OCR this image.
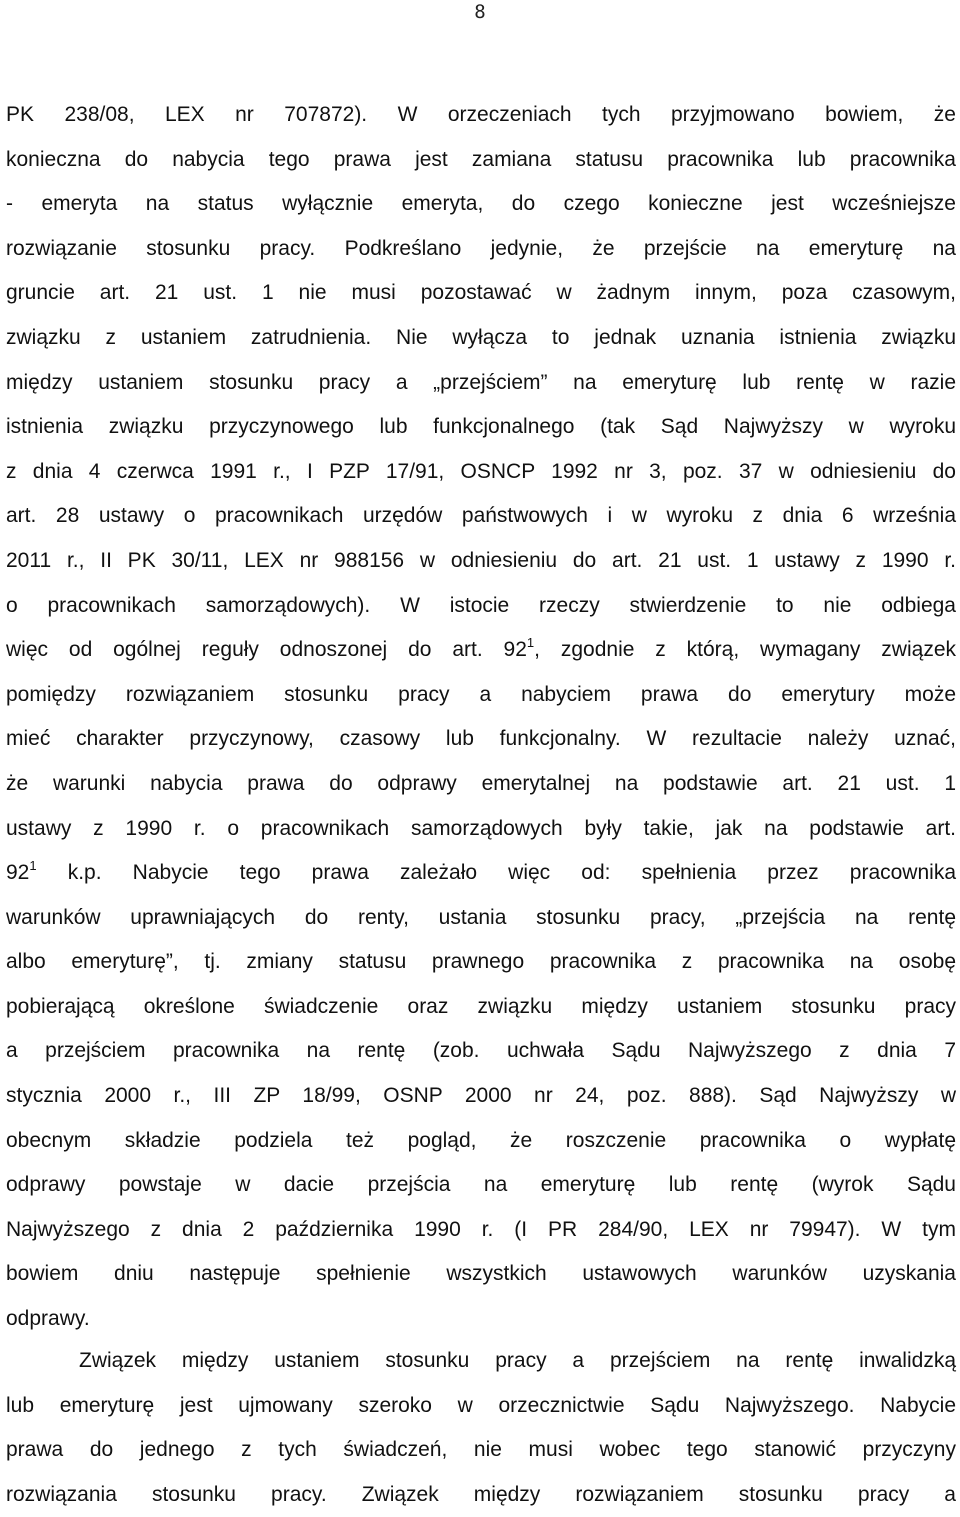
8
PK 238/08, LEX nr 707872). W orzeczeniach tych przyjmowano bowiem, że
konieczna do nabycia tego prawa jest zamiana statusu pracownika lub pracownika
- emeryta na status wyłącznie emeryta, do czego konieczne jest wcześniejsze
rozwiązanie stosunku pracy. Podkreślano jedynie, że przejście na emeryturę na
gruncie art. 21 ust. 1 nie musi pozostawać w żadnym innym, poza czasowym,
związku z ustaniem zatrudnienia. Nie wyłącza to jednak uznania istnienia związku
między ustaniem stosunku pracy a „przejściem” na emeryturę lub rentę w razie
istnienia związku przyczynowego lub funkcjonalnego (tak Sąd Najwyższy w wyroku
z dnia 4 czerwca 1991 r., I PZP 17/91, OSNCP 1992 nr 3, poz. 37 w odniesieniu do
art. 28 ustawy o pracownikach urzędów państwowych i w wyroku z dnia 6 września
2011 r., II PK 30/11, LEX nr 988156 w odniesieniu do art. 21 ust. 1 ustawy z 1990 r.
o pracownikach samorządowych). W istocie rzeczy stwierdzenie to nie odbiega
więc od ogólnej reguły odnoszonej do art. $92^1$, zgodnie z którą, wymagany związek
pomiędzy rozwiązaniem stosunku pracy a nabyciem prawa do emerytury może
mieć charakter przyczynowy, czasowy lub funkcjonalny. W rezultacie należy uznać,
że warunki nabycia prawa do odprawy emerytalnej na podstawie art. 21 ust. 1
ustawy z 1990 r. o pracownikach samorządowych były takie, jak na podstawie art.
$92^1$ k.p. Nabycie tego prawa zależało więc od: spełnienia przez pracownika
warunków uprawniających do renty, ustania stosunku pracy, „przejścia na rentę
albo emeryturę”, tj. zmiany statusu prawnego pracownika z pracownika na osobę
pobierającą określone świadczenie oraz związku między ustaniem stosunku pracy
a przejściem pracownika na rentę (zob. uchwała Sądu Najwyższego z dnia 7
stycznia 2000 r., III ZP 18/99, OSNP 2000 nr 24, poz. 888). Sąd Najwyższy w
obecnym składzie podziela też pogląd, że roszczenie pracownika o wypłatę
odprawy powstaje w dacie przejścia na emeryturę lub rentę (wyrok Sądu
Najwyższego z dnia 2 października 1990 r. (I PR 284/90, LEX nr 79947). W tym
bowiem dniu następuje spełnienie wszystkich ustawowych warunków uzyskania
odprawy.
Związek między ustaniem stosunku pracy a przejściem na rentę inwalidzką
lub emeryturę jest ujmowany szeroko w orzecznictwie Sądu Najwyższego. Nabycie
prawa do jednego z tych świadczeń, nie musi wobec tego stanowić przyczyny
rozwiązania stosunku pracy. Związek między rozwiązaniem stosunku pracy a
